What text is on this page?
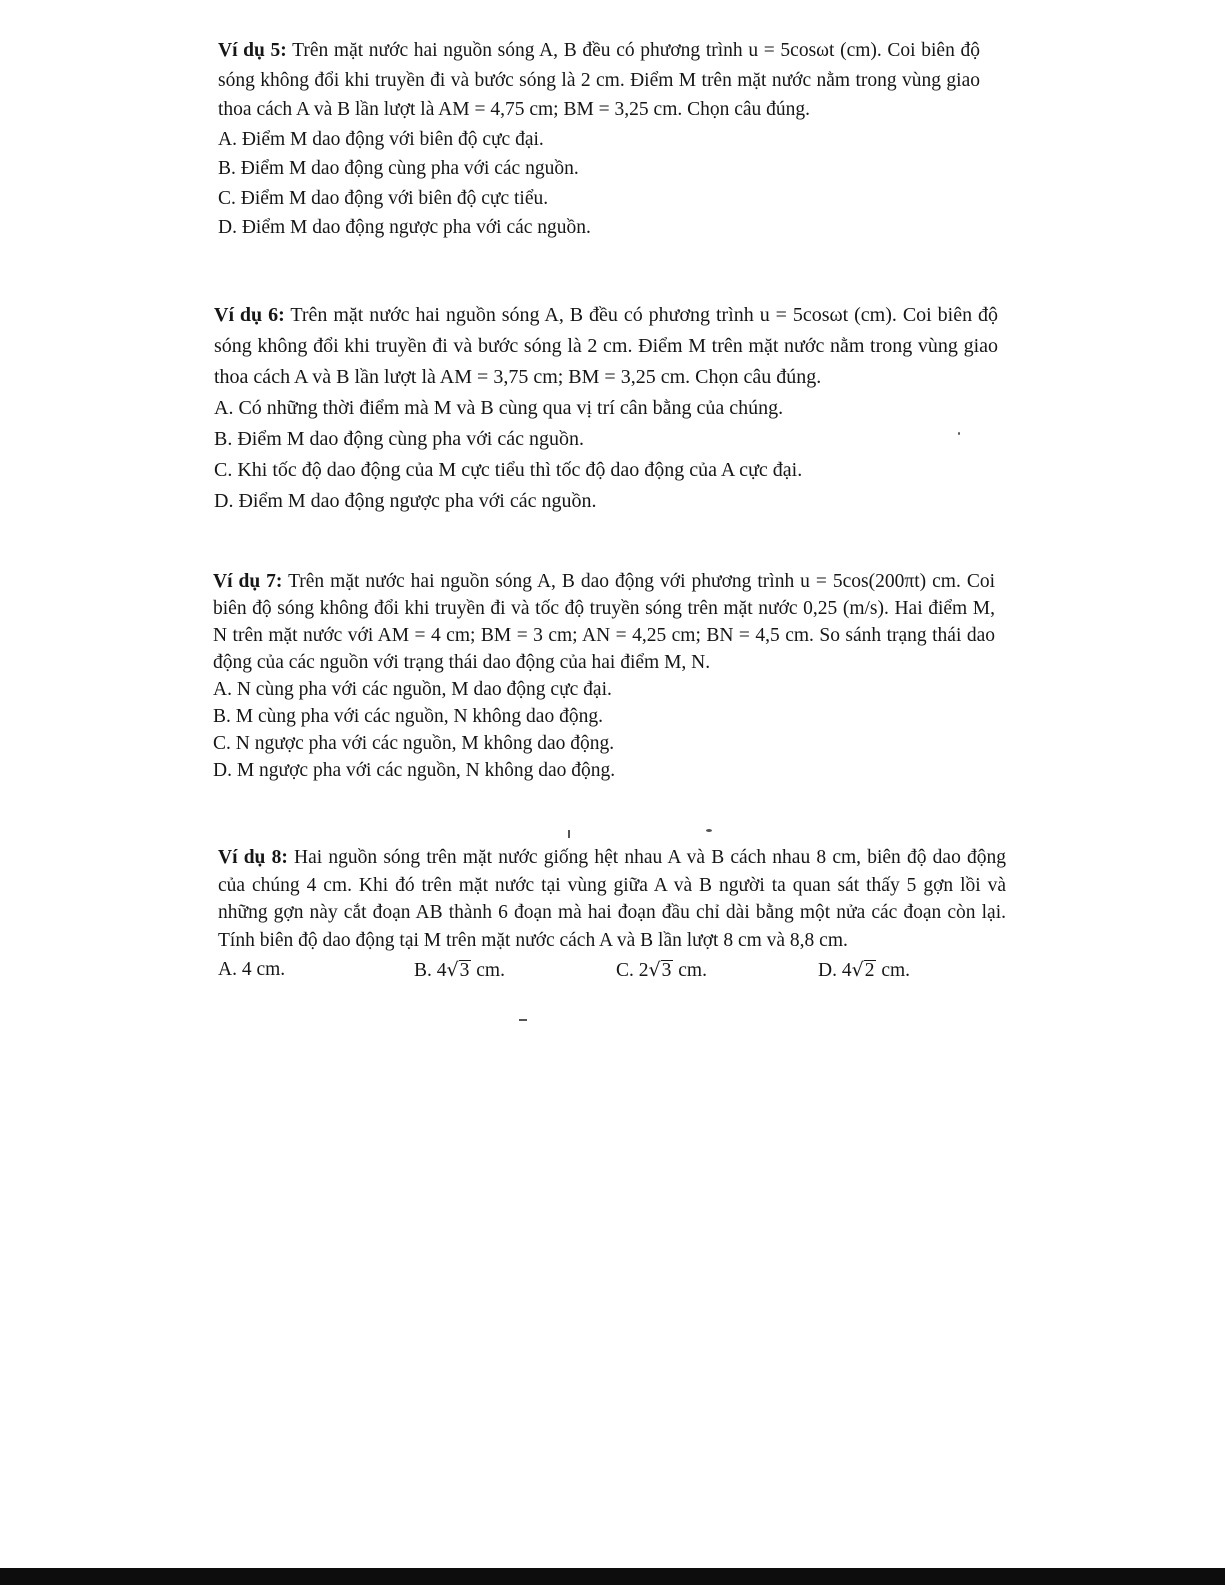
Ví dụ 5: Trên mặt nước hai nguồn sóng A, B đều có phương trình u = 5cosωt (cm). Coi biên độ sóng không đổi khi truyền đi và bước sóng là 2 cm. Điểm M trên mặt nước nằm trong vùng giao thoa cách A và B lần lượt là AM = 4,75 cm; BM = 3,25 cm. Chọn câu đúng.

A. Điểm M dao động với biên độ cực đại.

B. Điểm M dao động cùng pha với các nguồn.

C. Điểm M dao động với biên độ cực tiểu.

D. Điểm M dao động ngược pha với các nguồn.

Ví dụ 6: Trên mặt nước hai nguồn sóng A, B đều có phương trình u = 5cosωt (cm). Coi biên độ sóng không đổi khi truyền đi và bước sóng là 2 cm. Điểm M trên mặt nước nằm trong vùng giao thoa cách A và B lần lượt là AM = 3,75 cm; BM = 3,25 cm. Chọn câu đúng.

A. Có những thời điểm mà M và B cùng qua vị trí cân bằng của chúng.

B. Điểm M dao động cùng pha với các nguồn.

C. Khi tốc độ dao động của M cực tiểu thì tốc độ dao động của A cực đại.

D. Điểm M dao động ngược pha với các nguồn.

Ví dụ 7: Trên mặt nước hai nguồn sóng A, B dao động với phương trình u = 5cos(200πt) cm. Coi biên độ sóng không đổi khi truyền đi và tốc độ truyền sóng trên mặt nước 0,25 (m/s). Hai điểm M, N trên mặt nước với AM = 4 cm; BM = 3 cm; AN = 4,25 cm; BN = 4,5 cm. So sánh trạng thái dao động của các nguồn với trạng thái dao động của hai điểm M, N.

A. N cùng pha với các nguồn, M dao động cực đại.

B. M cùng pha với các nguồn, N không dao động.

C. N ngược pha với các nguồn, M không dao động.

D. M ngược pha với các nguồn, N không dao động.

Ví dụ 8: Hai nguồn sóng trên mặt nước giống hệt nhau A và B cách nhau 8 cm, biên độ dao động của chúng 4 cm. Khi đó trên mặt nước tại vùng giữa A và B người ta quan sát thấy 5 gợn lồi và những gợn này cắt đoạn AB thành 6 đoạn mà hai đoạn đầu chỉ dài bằng một nửa các đoạn còn lại. Tính biên độ dao động tại M trên mặt nước cách A và B lần lượt 8 cm và 8,8 cm.

A. 4 cm.	B. 4√3 cm.	C. 2√3 cm.	D. 4√2 cm.
